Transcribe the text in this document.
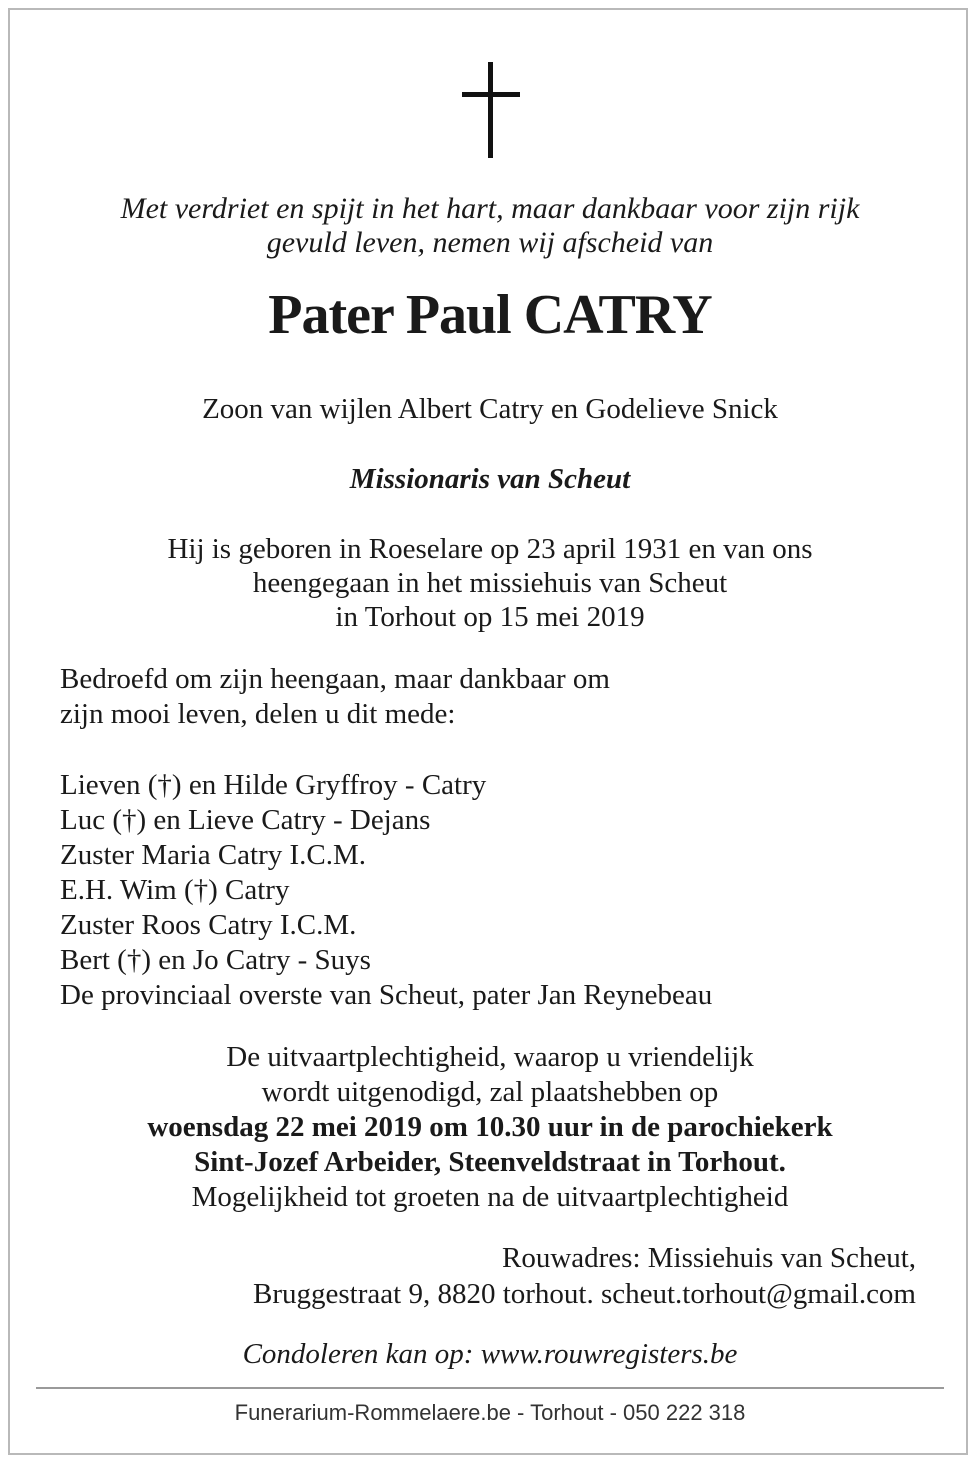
Met verdriet en spijt in het hart, maar dankbaar voor zijn rijk
gevuld leven, nemen wij afscheid van
Pater Paul CATRY
Zoon van wijlen Albert Catry en Godelieve Snick
Missionaris van Scheut
Hij is geboren in Roeselare op 23 april 1931 en van ons
heengegaan in het missiehuis van Scheut
in Torhout op 15 mei 2019
Bedroefd om zijn heengaan, maar dankbaar om
zijn mooi leven, delen u dit mede:
Lieven (†) en Hilde Gryffroy - Catry
Luc (†) en Lieve Catry - Dejans
Zuster Maria Catry I.C.M.
E.H. Wim (†) Catry
Zuster Roos Catry I.C.M.
Bert (†) en Jo Catry - Suys
De provinciaal overste van Scheut, pater Jan Reynebeau
De uitvaartplechtigheid, waarop u vriendelijk
wordt uitgenodigd, zal plaatshebben op
woensdag 22 mei 2019 om 10.30 uur in de parochiekerk
Sint-Jozef Arbeider, Steenveldstraat in Torhout.
Mogelijkheid tot groeten na de uitvaartplechtigheid
Rouwadres: Missiehuis van Scheut,
Bruggestraat 9, 8820 torhout. scheut.torhout@gmail.com
Condoleren kan op: www.rouwregisters.be
Funerarium-Rommelaere.be - Torhout - 050 222 318
